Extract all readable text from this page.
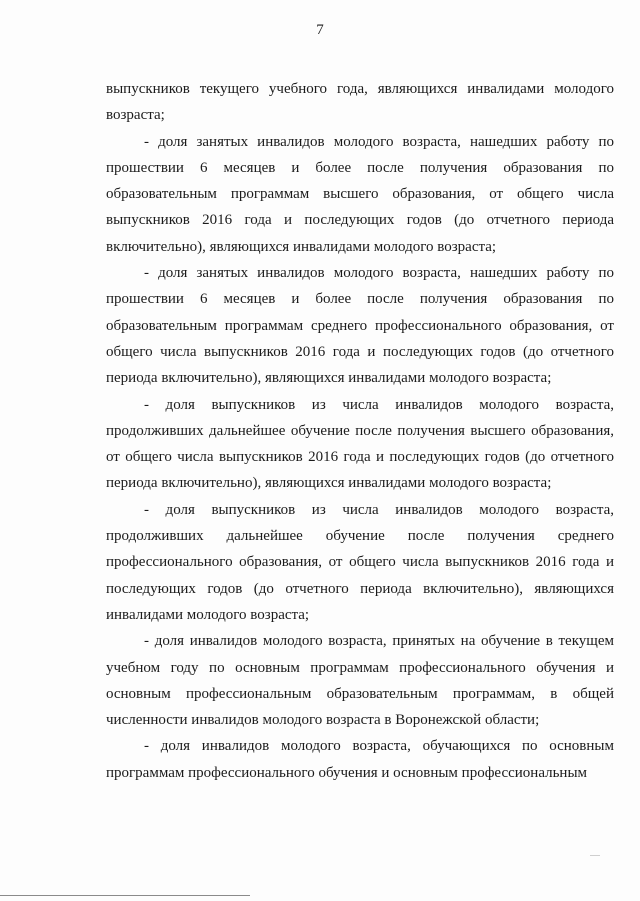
7

выпускников текущего учебного года, являющихся инвалидами молодого возраста;

- доля занятых инвалидов молодого возраста, нашедших работу по прошествии 6 месяцев и более после получения образования по образовательным программам высшего образования, от общего числа выпускников 2016 года и последующих годов (до отчетного периода включительно), являющихся инвалидами молодого возраста;

- доля занятых инвалидов молодого возраста, нашедших работу по прошествии 6 месяцев и более после получения образования по образовательным программам среднего профессионального образования, от общего числа выпускников 2016 года и последующих годов (до отчетного периода включительно), являющихся инвалидами молодого возраста;

- доля выпускников из числа инвалидов молодого возраста, продолживших дальнейшее обучение после получения высшего образования, от общего числа выпускников 2016 года и последующих годов (до отчетного периода включительно), являющихся инвалидами молодого возраста;

- доля выпускников из числа инвалидов молодого возраста, продолживших дальнейшее обучение после получения среднего профессионального образования, от общего числа выпускников 2016 года и последующих годов (до отчетного периода включительно), являющихся инвалидами молодого возраста;

- доля инвалидов молодого возраста, принятых на обучение в текущем учебном году по основным программам профессионального обучения и основным профессиональным образовательным программам, в общей численности инвалидов молодого возраста в Воронежской области;

- доля инвалидов молодого возраста, обучающихся по основным программам профессионального обучения и основным профессиональным
